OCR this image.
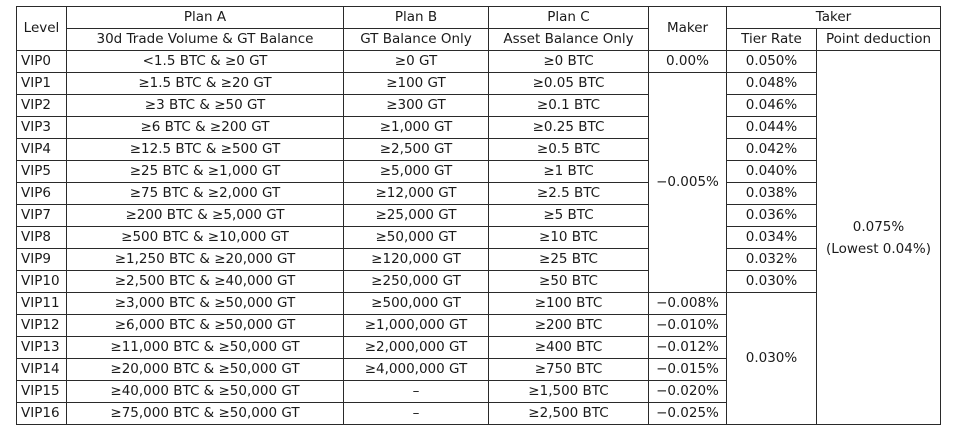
Level	Plan A	Plan B	Plan C	Maker	Taker	
	30d Trade Volume & GT Balance	GT Balance Only	Asset Balance Only		Tier Rate	Point deduction
VIP0	<1.5 BTC & ≥0 GT	≥0 GT	≥0 BTC	0.00%	0.050%	0.075%
(Lowest 0.04%)

VIP1	≥1.5 BTC & ≥20 GT	≥100 GT	≥0.05 BTC	−0.005%	0.048%	
VIP2	≥3 BTC & ≥50 GT	≥300 GT	≥0.1 BTC		0.046%	
VIP3	≥6 BTC & ≥200 GT	≥1,000 GT	≥0.25 BTC		0.044%	
VIP4	≥12.5 BTC & ≥500 GT	≥2,500 GT	≥0.5 BTC		0.042%	
VIP5	≥25 BTC & ≥1,000 GT	≥5,000 GT	≥1 BTC		0.040%	
VIP6	≥75 BTC & ≥2,000 GT	≥12,000 GT	≥2.5 BTC		0.038%	
VIP7	≥200 BTC & ≥5,000 GT	≥25,000 GT	≥5 BTC		0.036%	
VIP8	≥500 BTC & ≥10,000 GT	≥50,000 GT	≥10 BTC		0.034%	
VIP9	≥1,250 BTC & ≥20,000 GT	≥120,000 GT	≥25 BTC		0.032%	
VIP10	≥2,500 BTC & ≥40,000 GT	≥250,000 GT	≥50 BTC		0.030%	
VIP11	≥3,000 BTC & ≥50,000 GT	≥500,000 GT	≥100 BTC	−0.008%	0.030%	
VIP12	≥6,000 BTC & ≥50,000 GT	≥1,000,000 GT	≥200 BTC	−0.010%		
VIP13	≥11,000 BTC & ≥50,000 GT	≥2,000,000 GT	≥400 BTC	−0.012%		
VIP14	≥20,000 BTC & ≥50,000 GT	≥4,000,000 GT	≥750 BTC	−0.015%		
VIP15	≥40,000 BTC & ≥50,000 GT	–	≥1,500 BTC	−0.020%		
VIP16	≥75,000 BTC & ≥50,000 GT	–	≥2,500 BTC	−0.025%		
